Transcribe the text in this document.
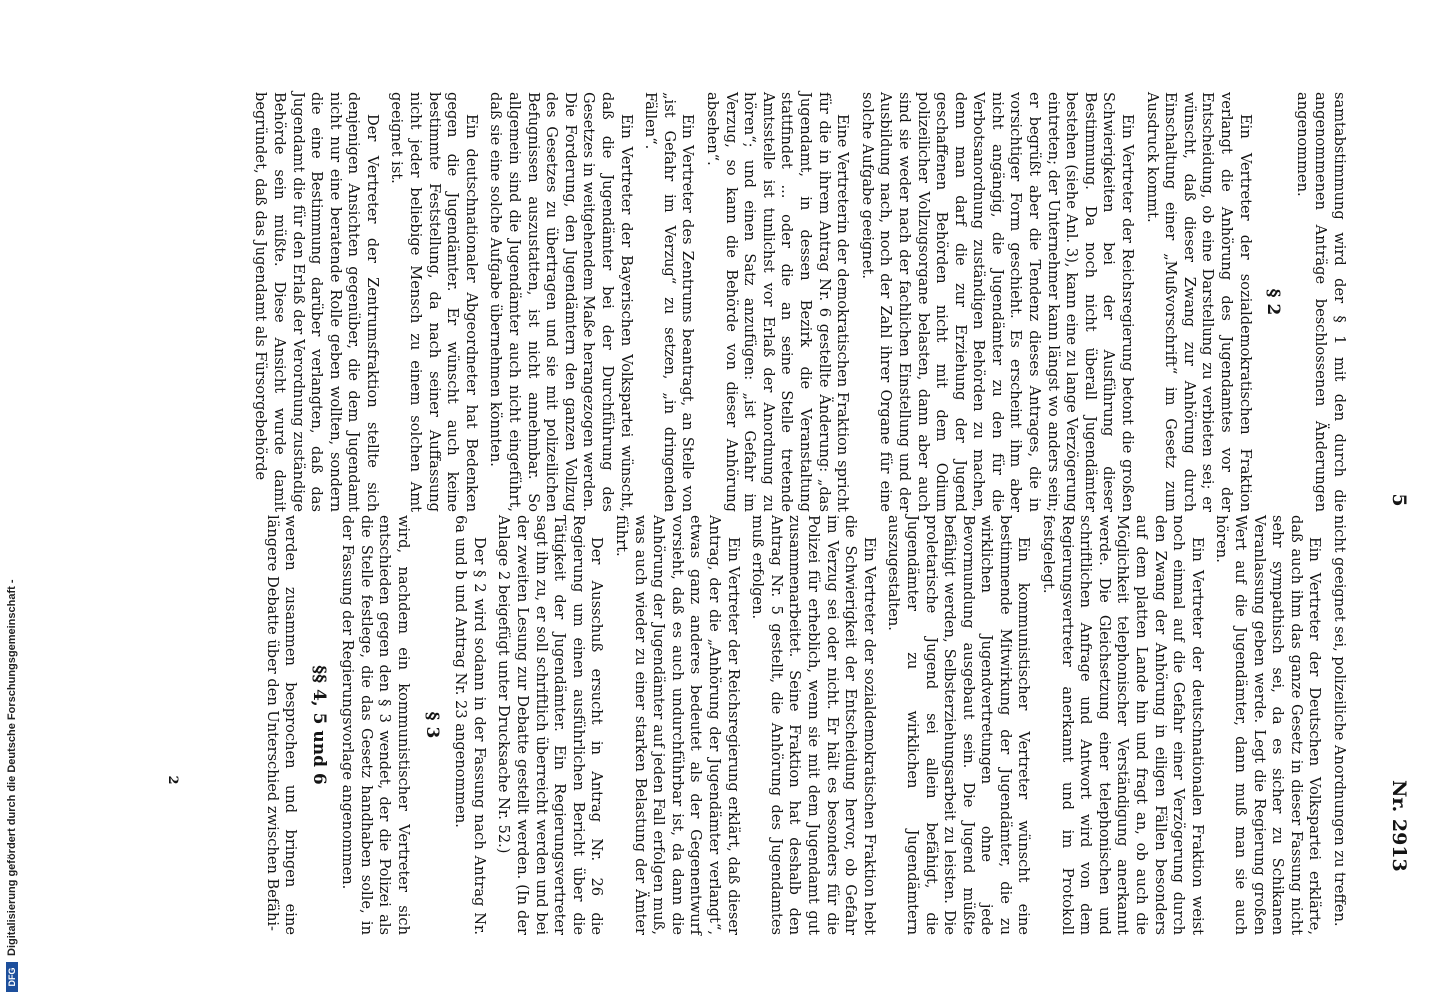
5
Nr. 2913

samtabstimmung wird der § 1 mit den durch die angenommenen Anträge beschlossenen Änderungen angenommen.

§ 2

Ein Vertreter der sozialdemokratischen Fraktion verlangt die Anhörung des Jugendamtes vor der Entscheidung, ob eine Darstellung zu verbieten sei; er wünscht, daß dieser Zwang zur Anhörung durch Einschaltung einer „Mußvorschrift“ im Gesetz zum Ausdruck kommt.

Ein Vertreter der Reichsregierung betont die großen Schwierigkeiten bei der Ausführung dieser Bestimmung. Da noch nicht überall Jugendämter bestehen (siehe Anl. 3), kann eine zu lange Verzögerung eintreten; der Unternehmer kann längst wo anders sein; er begrüßt aber die Tendenz dieses Antrages, die in vorsichtiger Form geschieht. Es erscheint ihm aber nicht angängig, die Jugendämter zu den für die Verbotsanordnung zuständigen Behörden zu machen, denn man darf die zur Erziehung der Jugend geschaffenen Behörden nicht mit dem Odium polizeilicher Vollzugsorgane belasten, dann aber auch sind sie weder nach der fachlichen Einstellung und der Ausbildung nach, noch der Zahl ihrer Organe für eine solche Aufgabe geeignet.

Eine Vertreterin der demokratischen Fraktion spricht für die in ihrem Antrag Nr. 6 gestellte Änderung: „das Jugendamt, in dessen Bezirk die Veranstaltung stattfindet ... oder die an seine Stelle tretende Amtsstelle ist tunlichst vor Erlaß der Anordnung zu hören“; und einen Satz anzufügen: „ist Gefahr im Verzug, so kann die Behörde von dieser Anhörung absehen“.

Ein Vertreter des Zentrums beantragt, an Stelle von „ist Gefahr im Verzug“ zu setzen, „in dringenden Fällen“.

Ein Vertreter der Bayerischen Volkspartei wünscht, daß die Jugendämter bei der Durchführung des Gesetzes in weitgehendem Maße herangezogen werden. Die Forderung, den Jugendämtern den ganzen Vollzug des Gesetzes zu übertragen und sie mit polizeilichen Befugnissen auszustatten, ist nicht annehmbar. So allgemein sind die Jugendämter auch nicht eingeführt, daß sie eine solche Aufgabe übernehmen könnten.

Ein deutschnationaler Abgeordneter hat Bedenken gegen die Jugendämter. Er wünscht auch keine bestimmte Feststellung, da nach seiner Auffassung nicht jeder beliebige Mensch zu einem solchen Amt geeignet ist.

Der Vertreter der Zentrumsfraktion stellte sich denjenigen Ansichten gegenüber, die dem Jugendamt nicht nur eine beratende Rolle geben wollten, sondern die eine Bestimmung darüber verlangten, daß das Jugendamt die für den Erlaß der Verordnung zuständige Behörde sein müßte. Diese Ansicht wurde damit begründet, daß das Jugendamt als Fürsorgebehörde

nicht geeignet sei, polizeiliche Anordnungen zu treffen.

Ein Vertreter der Deutschen Volkspartei erklärte, daß auch ihm das ganze Gesetz in dieser Fassung nicht sehr sympathisch sei, da es sicher zu Schikanen Veranlassung geben werde. Legt die Regierung großen Wert auf die Jugendämter, dann muß man sie auch hören.

Ein Vertreter der deutschnationalen Fraktion weist noch einmal auf die Gefahr einer Verzögerung durch den Zwang der Anhörung in eiligen Fällen besonders auf dem platten Lande hin und fragt an, ob auch die Möglichkeit telephonischer Verständigung anerkannt werde. Die Gleichsetzung einer telephonischen und schriftlichen Anfrage und Antwort wird von dem Regierungsvertreter anerkannt und im Protokoll festgelegt.

Ein kommunistischer Vertreter wünscht eine bestimmende Mitwirkung der Jugendämter, die zu wirklichen Jugendvertretungen ohne jede Bevormundung ausgebaut sein. Die Jugend müßte befähigt werden, Selbsterziehungsarbeit zu leisten. Die proletarische Jugend sei allein befähigt, die Jugendämter zu wirklichen Jugendämtern auszugestalten.

Ein Vertreter der sozialdemokratischen Fraktion hebt die Schwierigkeit der Entscheidung hervor, ob Gefahr im Verzug sei oder nicht. Er hält es besonders für die Polizei für erheblich, wenn sie mit dem Jugendamt gut zusammenarbeitet. Seine Fraktion hat deshalb den Antrag Nr. 5 gestellt, die Anhörung des Jugendamtes muß erfolgen.

Ein Vertreter der Reichsregierung erklärt, daß dieser Antrag, der die „Anhörung der Jugendämter verlangt“, etwas ganz anderes bedeutet als der Gegenentwurf vorsieht, daß es auch undurchführbar ist, da dann die Anhörung der Jugendämter auf jeden Fall erfolgen muß, was auch wieder zu einer starken Belastung der Ämter führt.

Der Ausschuß ersucht in Antrag Nr. 26 die Regierung um einen ausführlichen Bericht über die Tätigkeit der Jugendämter. Ein Regierungsvertreter sagt ihn zu, er soll schriftlich überreicht werden und bei der zweiten Lesung zur Debatte gestellt werden. (In der Anlage 2 beigefügt unter Drucksache Nr. 52.)

Der § 2 wird sodann in der Fassung nach Antrag Nr. 6a und b und Antrag Nr. 23 angenommen.

§ 3

wird, nachdem ein kommunistischer Vertreter sich entschieden gegen den § 3 wendet, der die Polizei als die Stelle festlege, die das Gesetz handhaben solle, in der Fassung der Regierungsvorlage angenommen.

§§ 4, 5 und 6

werden zusammen besprochen und bringen eine längere Debatte über den Unterschied zwischen Befähi-

2
DFG
Digitalisierung gefördert durch die Deutsche Forschungsgemeinschaft -
